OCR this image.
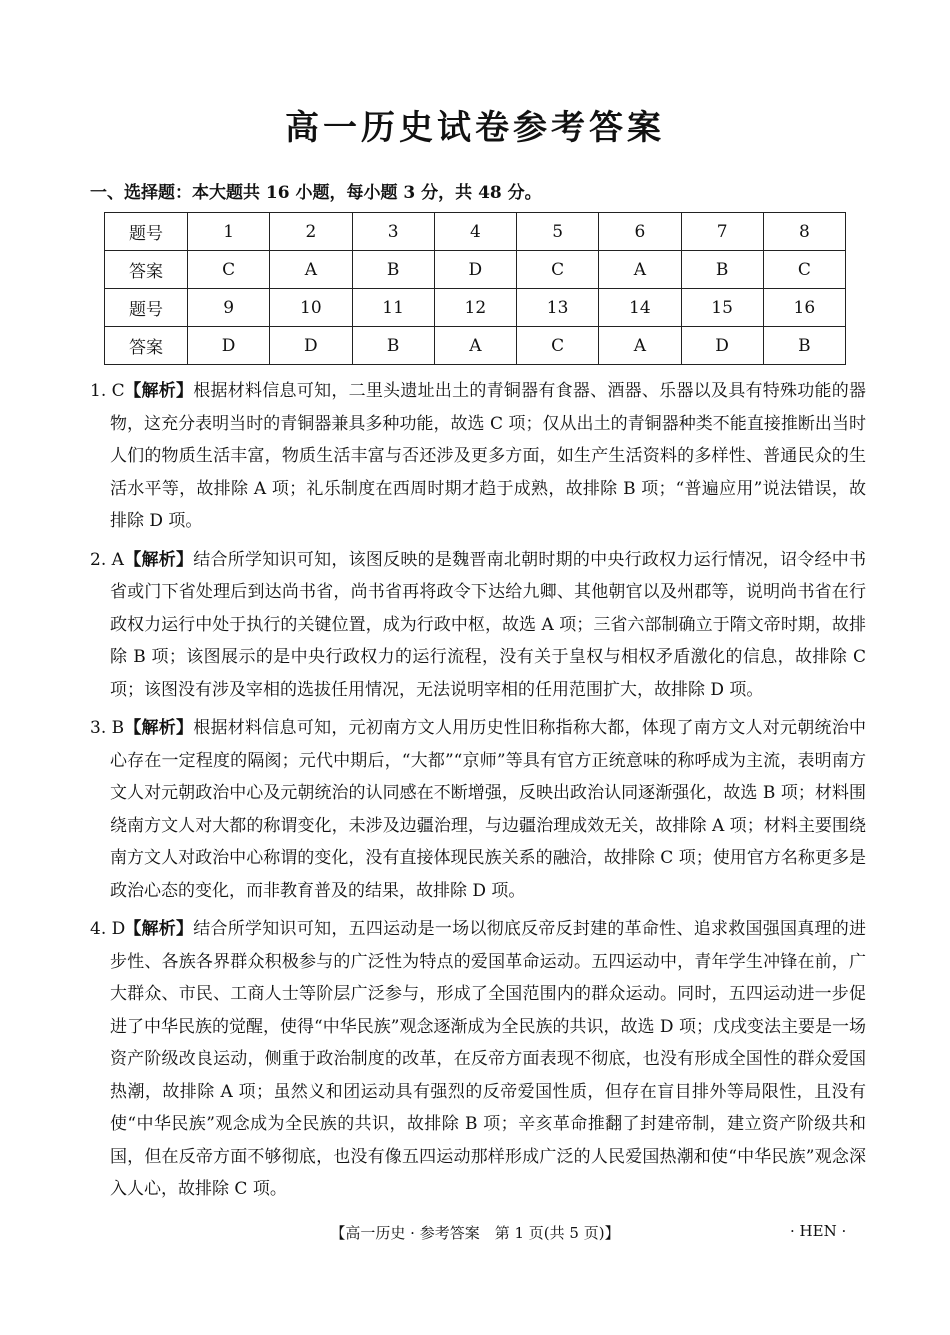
高一历史试卷参考答案
一、选择题：本大题共 16 小题，每小题 3 分，共 48 分。
题号	1	2	3	4	5	6	7	8
答案	C	A	B	D	C	A	B	C
题号	9	10	11	12	13	14	15	16
答案	D	D	B	A	C	A	D	B
1. C 【解析】根据材料信息可知，二里头遗址出土的青铜器有食器、酒器、乐器以及具有特殊功能的器物，这充分表明当时的青铜器兼具多种功能，故选 C 项；仅从出土的青铜器种类不能直接推断出当时人们的物质生活丰富，物质生活丰富与否还涉及更多方面，如生产生活资料的多样性、普通民众的生活水平等，故排除 A 项；礼乐制度在西周时期才趋于成熟，故排除 B 项；“普遍应用”说法错误，故排除 D 项。
2. A 【解析】结合所学知识可知，该图反映的是魏晋南北朝时期的中央行政权力运行情况，诏令经中书省或门下省处理后到达尚书省，尚书省再将政令下达给九卿、其他朝官以及州郡等，说明尚书省在行政权力运行中处于执行的关键位置，成为行政中枢，故选 A 项；三省六部制确立于隋文帝时期，故排除 B 项；该图展示的是中央行政权力的运行流程，没有关于皇权与相权矛盾激化的信息，故排除 C 项；该图没有涉及宰相的选拔任用情况，无法说明宰相的任用范围扩大，故排除 D 项。
3. B 【解析】根据材料信息可知，元初南方文人用历史性旧称指称大都，体现了南方文人对元朝统治中心存在一定程度的隔阂；元代中期后，“大都”“京师”等具有官方正统意味的称呼成为主流，表明南方文人对元朝政治中心及元朝统治的认同感在不断增强，反映出政治认同逐渐强化，故选 B 项；材料围绕南方文人对大都的称谓变化，未涉及边疆治理，与边疆治理成效无关，故排除 A 项；材料主要围绕南方文人对政治中心称谓的变化，没有直接体现民族关系的融洽，故排除 C 项；使用官方名称更多是政治心态的变化，而非教育普及的结果，故排除 D 项。
4. D
【解析】结合所学知识可知，五四运动是一场以彻底反帝反封建的革命性、追求救国强国真理的进步性、各族各界群众积极参与的广泛性为特点的爱国革命运动。五四运动中，青年学生冲锋在前，广大群众、市民、工商人士等阶层广泛参与，形成了全国范围内的群众运动。同时，五四运动进一步促进了中华民族的觉醒，使得“中华民族”观念逐渐成为全民族的共识，故选 D 项；戊戌变法主要是一场资产阶级改良运动，侧重于政治制度的改革，在反帝方面表现不彻底，也没有形成全国性的群众爱国热潮，故排除 A 项；虽然义和团运动具有强烈的反帝爱国性质，但存在盲目排外等局限性，且没有使“中华民族”观念成为全民族的共识，故排除 B 项；辛亥革命推翻了封建帝制，建立资产阶级共和国，但在反帝方面不够彻底，也没有像五四运动那样形成广泛的人民爱国热潮和使“中华民族”观念深入人心，故排除 C 项。
【高一历史 · 参考答案　第 1 页(共 5 页)】	· HEN ·
